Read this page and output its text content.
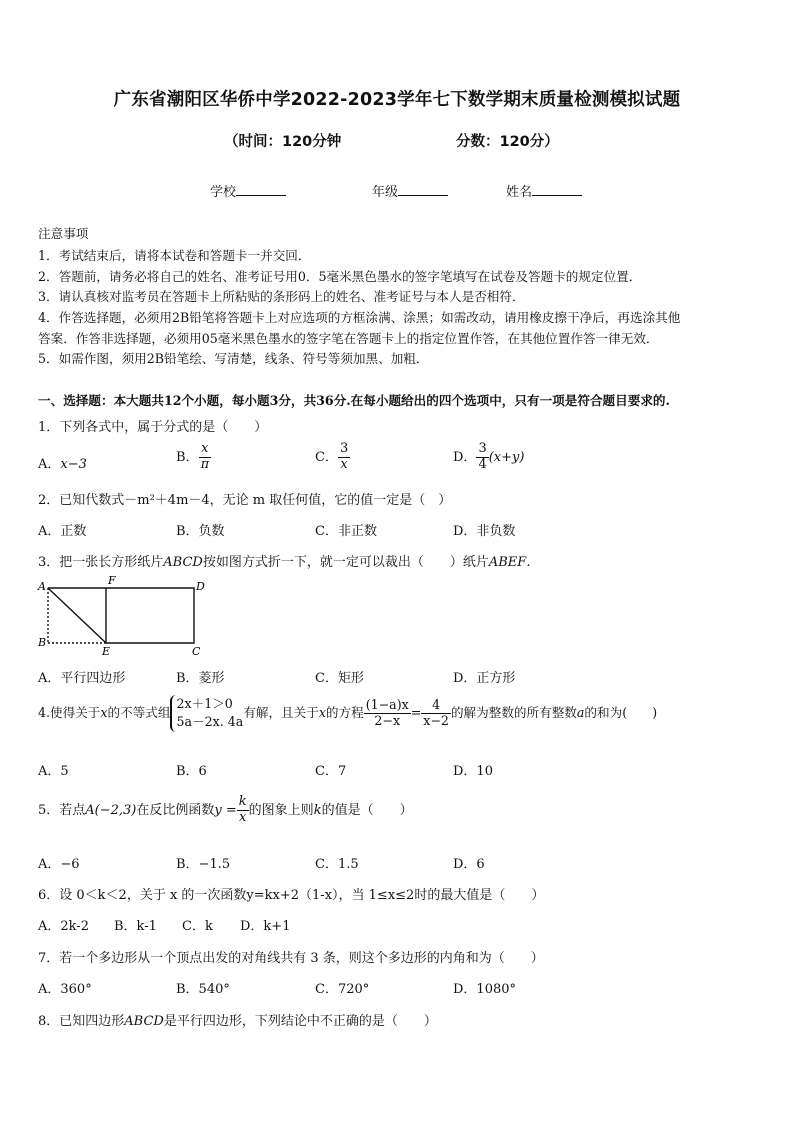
广东省潮阳区华侨中学2022-2023学年七下数学期末质量检测模拟试题
（时间：120分钟	分数：120分）
学校	年级	姓名
注意事项
1．考试结束后，请将本试卷和答题卡一并交回．
2．答题前，请务必将自己的姓名、准考证号用0．5毫米黑色墨水的签字笔填写在试卷及答题卡的规定位置．
3．请认真核对监考员在答题卡上所粘贴的条形码上的姓名、准考证号与本人是否相符．
4．作答选择题，必须用2B铅笔将答题卡上对应选项的方框涂满、涂黑；如需改动，请用橡皮擦干净后，再选涂其他
答案．作答非选择题，必须用05毫米黑色墨水的签字笔在答题卡上的指定位置作答，在其他位置作答一律无效．
5．如需作图，须用2B铅笔绘、写清楚，线条、符号等须加黑、加粗．
一、选择题：本大题共12个小题，每小题3分，共36分.在每小题给出的四个选项中，只有一项是符合题目要求的.
1．下列各式中，属于分式的是（　　）
A．x−3	B． $\frac{x}{\pi}$	C． $\frac{3}{x}$	D． $\frac{3}{4} (x+y)$
2．已知代数式－m²＋4m－4，无论 m 取任何值，它的值一定是（　）
A．正数	B．负数	C．非正数	D．非负数
3．把一张长方形纸片ABCD按如图方式折一下，就一定可以裁出（　　）纸片ABEF.
A	F	D
B
E	C
A．平行四边形	B．菱形	C．矩形	D．正方形
4.使得关于x的不等式组
2x＋1＞0
5a－2x. 4a
有解，且关于x的方程 $\frac{(1-a)x}{2-x} = \frac{4}{x-2}$ 的解为整数的所有整数a的和为(　　)
A．5	B．6	C．7	D．10
5．若点A(−2,3)在反比例函数$y = \frac{k}{x}$ 的图象上则k的值是（　　）
A．−6	B．−1.5	C．1.5	D．6
6．设 0＜k＜2，关于 x 的一次函数y=kx+2（1-x），当 1≤x≤2时的最大值是（　　）
A．2k-2 B．k-1 C．k D．k+1
7．若一个多边形从一个顶点出发的对角线共有 3 条，则这个多边形的内角和为（　　）
A．360°	B．540°	C．720°	D．1080°
8．已知四边形ABCD是平行四边形，下列结论中不正确的是（　　）
